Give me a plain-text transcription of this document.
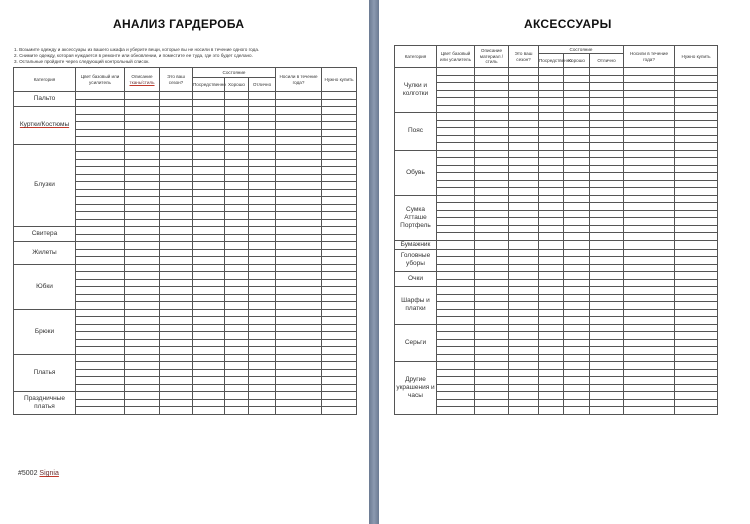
АНАЛИЗ ГАРДЕРОБА
1. Возьмите одежду и аксессуары из вашего шкафа и уберите вещи, которые вы не носили в течение одного года.
2. Снимите одежду, которая нуждается в ремонте или обновлении, и поместите ее туда, где это будет сделано.
3. Остальные пройдите через следующий контрольный список.
Категория	Цвет базовый или усилитель	Описание
ткань/стиль	Это ваш сезон?	Состояние			Носили в течение года?	Нужно купить
				Посредственно	Хорошо	Отлично		
Пальто								

Куртки/Костюмы								

Блузки								

Свитера								

Жилеты								

Юбки								

Брюки								

Платья								

Праздничные платья								

#5002 Signia
АКСЕССУАРЫ
Категория	Цвет базовый или усилитель	Описание материал / стиль	Это ваш сезон?	Состояние			Носили в течение года?	Нужно купить
				Посредственно	Хорошо	Отлично		
Чулки и колготки								

Пояс								

Обувь								

Сумка Атташе Портфель								

Бумажник								
Головные уборы								

Очки								

Шарфы и платки								

Серьги								

Другие украшения и часы								
